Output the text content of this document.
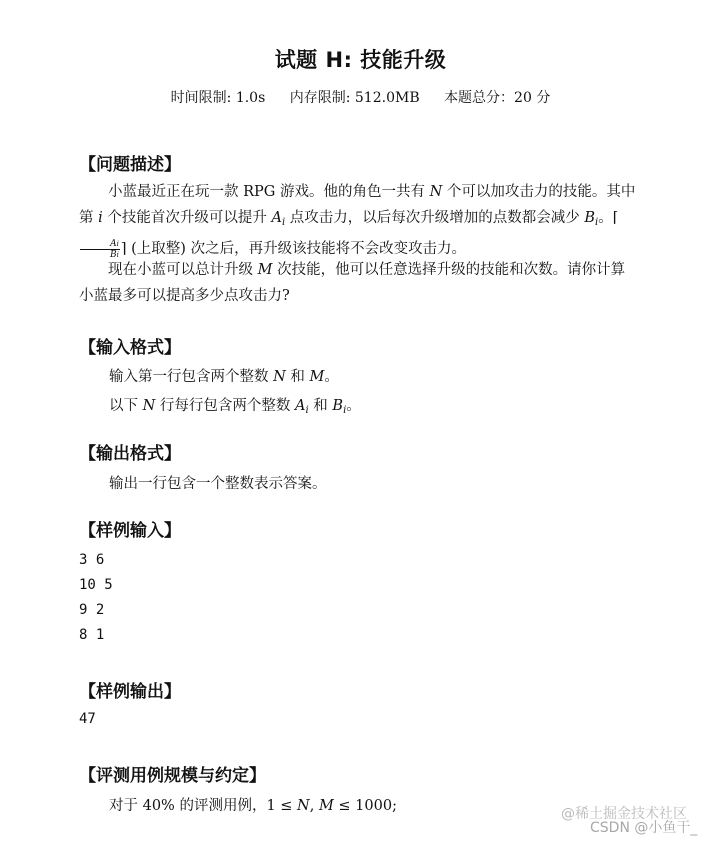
试题 H: 技能升级
时间限制: 1.0s 内存限制: 512.0MB 本题总分：20 分
【问题描述】
小蓝最近正在玩一款 RPG 游戏。他的角色一共有 N 个可以加攻击力的技能。其中第 i 个技能首次升级可以提升 $A_i$ 点攻击力，以后每次升级增加的点数都会减少 $B_i$。⌈
$\frac{Ai}{Bi}$ ⌉ (上取整) 次之后，再升级该技能将不会改变攻击力。
现在小蓝可以总计升级 M 次技能，他可以任意选择升级的技能和次数。请你计算小蓝最多可以提高多少点攻击力?
【输入格式】
输入第一行包含两个整数 N 和 M。
以下 N 行每行包含两个整数 $A_i$ 和 $B_i$。
【输出格式】
输出一行包含一个整数表示答案。
【样例输入】
3 6
10 5
9 2
8 1
【样例输出】
47
【评测用例规模与约定】
对于 40% 的评测用例，1 ≤ N, M ≤ 1000;	@稀土掘金技术社区
CSDN @小鱼干_
